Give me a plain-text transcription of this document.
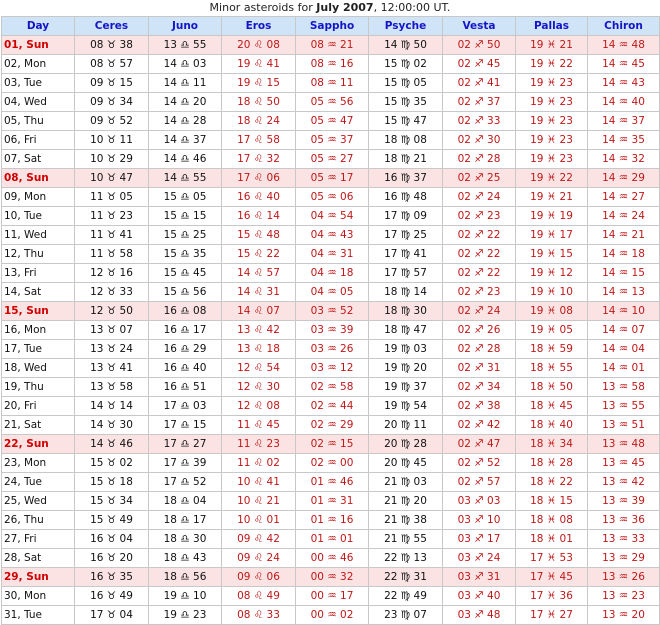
Minor asteroids for July 2007, 12:00:00 UT.
Day	Ceres	Juno	Eros	Sappho	Psyche	Vesta	Pallas	Chiron
01, Sun	08 ♉ 38	13 ♎ 55	20 ♌ 08	08 ♒ 21	14 ♍ 50	02 ♐ 50	19 ♓ 21	14 ♒ 48
02, Mon	08 ♉ 57	14 ♎ 03	19 ♌ 41	08 ♒ 16	15 ♍ 02	02 ♐ 45	19 ♓ 22	14 ♒ 45
03, Tue	09 ♉ 15	14 ♎ 11	19 ♌ 15	08 ♒ 11	15 ♍ 05	02 ♐ 41	19 ♓ 23	14 ♒ 43
04, Wed	09 ♉ 34	14 ♎ 20	18 ♌ 50	05 ♒ 56	15 ♍ 35	02 ♐ 37	19 ♓ 23	14 ♒ 40
05, Thu	09 ♉ 52	14 ♎ 28	18 ♌ 24	05 ♒ 47	15 ♍ 47	02 ♐ 33	19 ♓ 23	14 ♒ 37
06, Fri	10 ♉ 11	14 ♎ 37	17 ♌ 58	05 ♒ 37	18 ♍ 08	02 ♐ 30	19 ♓ 23	14 ♒ 35
07, Sat	10 ♉ 29	14 ♎ 46	17 ♌ 32	05 ♒ 27	18 ♍ 21	02 ♐ 28	19 ♓ 23	14 ♒ 32
08, Sun	10 ♉ 47	14 ♎ 55	17 ♌ 06	05 ♒ 17	16 ♍ 37	02 ♐ 25	19 ♓ 22	14 ♒ 29
09, Mon	11 ♉ 05	15 ♎ 05	16 ♌ 40	05 ♒ 06	16 ♍ 48	02 ♐ 24	19 ♓ 21	14 ♒ 27
10, Tue	11 ♉ 23	15 ♎ 15	16 ♌ 14	04 ♒ 54	17 ♍ 09	02 ♐ 23	19 ♓ 19	14 ♒ 24
11, Wed	11 ♉ 41	15 ♎ 25	15 ♌ 48	04 ♒ 43	17 ♍ 25	02 ♐ 22	19 ♓ 17	14 ♒ 21
12, Thu	11 ♉ 58	15 ♎ 35	15 ♌ 22	04 ♒ 31	17 ♍ 41	02 ♐ 22	19 ♓ 15	14 ♒ 18
13, Fri	12 ♉ 16	15 ♎ 45	14 ♌ 57	04 ♒ 18	17 ♍ 57	02 ♐ 22	19 ♓ 12	14 ♒ 15
14, Sat	12 ♉ 33	15 ♎ 56	14 ♌ 31	04 ♒ 05	18 ♍ 14	02 ♐ 23	19 ♓ 10	14 ♒ 13
15, Sun	12 ♉ 50	16 ♎ 08	14 ♌ 07	03 ♒ 52	18 ♍ 30	02 ♐ 24	19 ♓ 08	14 ♒ 10
16, Mon	13 ♉ 07	16 ♎ 17	13 ♌ 42	03 ♒ 39	18 ♍ 47	02 ♐ 26	19 ♓ 05	14 ♒ 07
17, Tue	13 ♉ 24	16 ♎ 29	13 ♌ 18	03 ♒ 26	19 ♍ 03	02 ♐ 28	18 ♓ 59	14 ♒ 04
18, Wed	13 ♉ 41	16 ♎ 40	12 ♌ 54	03 ♒ 12	19 ♍ 20	02 ♐ 31	18 ♓ 55	14 ♒ 01
19, Thu	13 ♉ 58	16 ♎ 51	12 ♌ 30	02 ♒ 58	19 ♍ 37	02 ♐ 34	18 ♓ 50	13 ♒ 58
20, Fri	14 ♉ 14	17 ♎ 03	12 ♌ 08	02 ♒ 44	19 ♍ 54	02 ♐ 38	18 ♓ 45	13 ♒ 55
21, Sat	14 ♉ 30	17 ♎ 15	11 ♌ 45	02 ♒ 29	20 ♍ 11	02 ♐ 42	18 ♓ 40	13 ♒ 51
22, Sun	14 ♉ 46	17 ♎ 27	11 ♌ 23	02 ♒ 15	20 ♍ 28	02 ♐ 47	18 ♓ 34	13 ♒ 48
23, Mon	15 ♉ 02	17 ♎ 39	11 ♌ 02	02 ♒ 00	20 ♍ 45	02 ♐ 52	18 ♓ 28	13 ♒ 45
24, Tue	15 ♉ 18	17 ♎ 52	10 ♌ 41	01 ♒ 46	21 ♍ 03	02 ♐ 57	18 ♓ 22	13 ♒ 42
25, Wed	15 ♉ 34	18 ♎ 04	10 ♌ 21	01 ♒ 31	21 ♍ 20	03 ♐ 03	18 ♓ 15	13 ♒ 39
26, Thu	15 ♉ 49	18 ♎ 17	10 ♌ 01	01 ♒ 16	21 ♍ 38	03 ♐ 10	18 ♓ 08	13 ♒ 36
27, Fri	16 ♉ 04	18 ♎ 30	09 ♌ 42	01 ♒ 01	21 ♍ 55	03 ♐ 17	18 ♓ 01	13 ♒ 33
28, Sat	16 ♉ 20	18 ♎ 43	09 ♌ 24	00 ♒ 46	22 ♍ 13	03 ♐ 24	17 ♓ 53	13 ♒ 29
29, Sun	16 ♉ 35	18 ♎ 56	09 ♌ 06	00 ♒ 32	22 ♍ 31	03 ♐ 31	17 ♓ 45	13 ♒ 26
30, Mon	16 ♉ 49	19 ♎ 10	08 ♌ 49	00 ♒ 17	22 ♍ 49	03 ♐ 40	17 ♓ 36	13 ♒ 23
31, Tue	17 ♉ 04	19 ♎ 23	08 ♌ 33	00 ♒ 02	23 ♍ 07	03 ♐ 48	17 ♓ 27	13 ♒ 20
